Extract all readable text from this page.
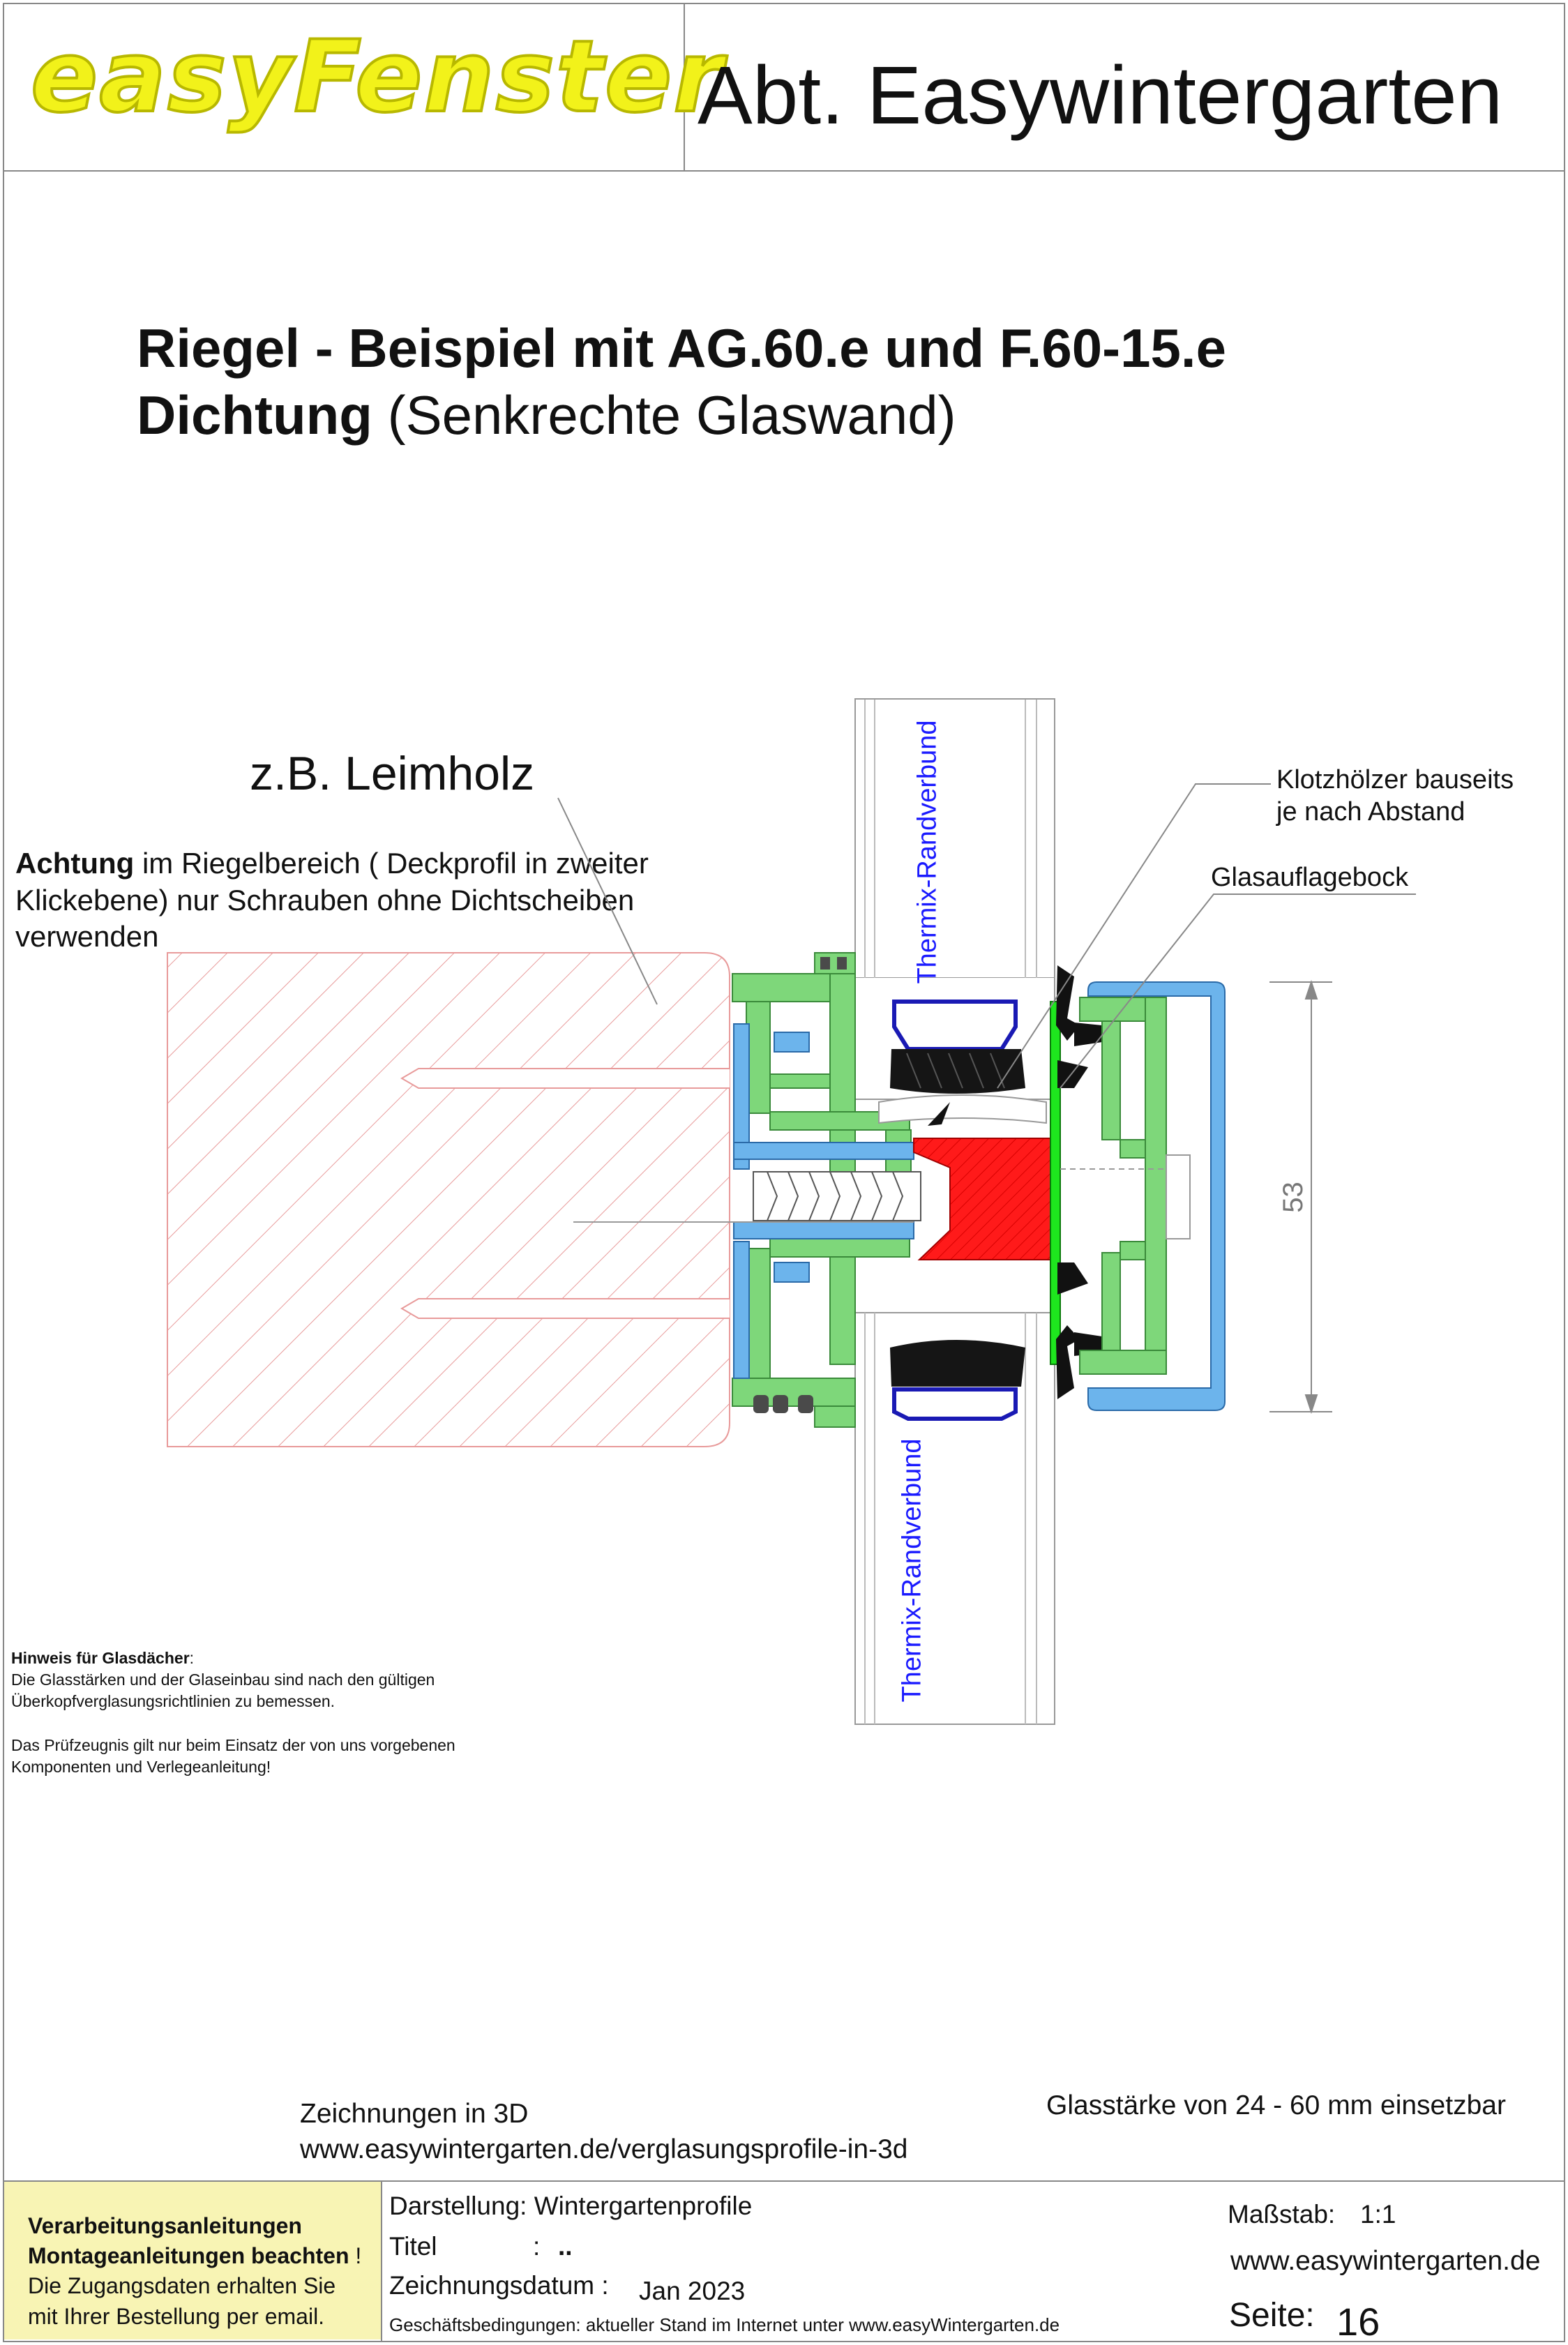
easyFenster
Abt. Easywintergarten
Riegel - Beispiel mit AG.60.e und F.60-15.e
Dichtung (Senkrechte Glaswand)
z.B. Leimholz
Achtung im Riegelbereich ( Deckprofil in zweiter
Klickebene) nur Schrauben ohne Dichtscheiben
verwenden
Klotzhölzer bauseits
je nach Abstand
Glasauflagebock
Thermix-Randverbund
Thermix-Randverbund
53
Hinweis für Glasdächer:
Die Glasstärken und der Glaseinbau sind nach den gültigen
Überkopfverglasungsrichtlinien zu bemessen.
Das Prüfzeugnis gilt nur beim Einsatz der von uns vorgebenen
Komponenten und Verlegeanleitung!
Zeichnungen in 3D
www.easywintergarten.de/verglasungsprofile-in-3d
Glasstärke von 24 - 60 mm einsetzbar
Verarbeitungsanleitungen
Montageanleitungen beachten !
Die Zugangsdaten erhalten Sie
mit Ihrer Bestellung per email.
Darstellung: Wintergartenprofile
Titel	: ..
Zeichnungsdatum : Jan 2023
Geschäftsbedingungen: aktueller Stand im Internet unter www.easyWintergarten.de
Maßstab: 1:1
www.easywintergarten.de
Seite: 16
